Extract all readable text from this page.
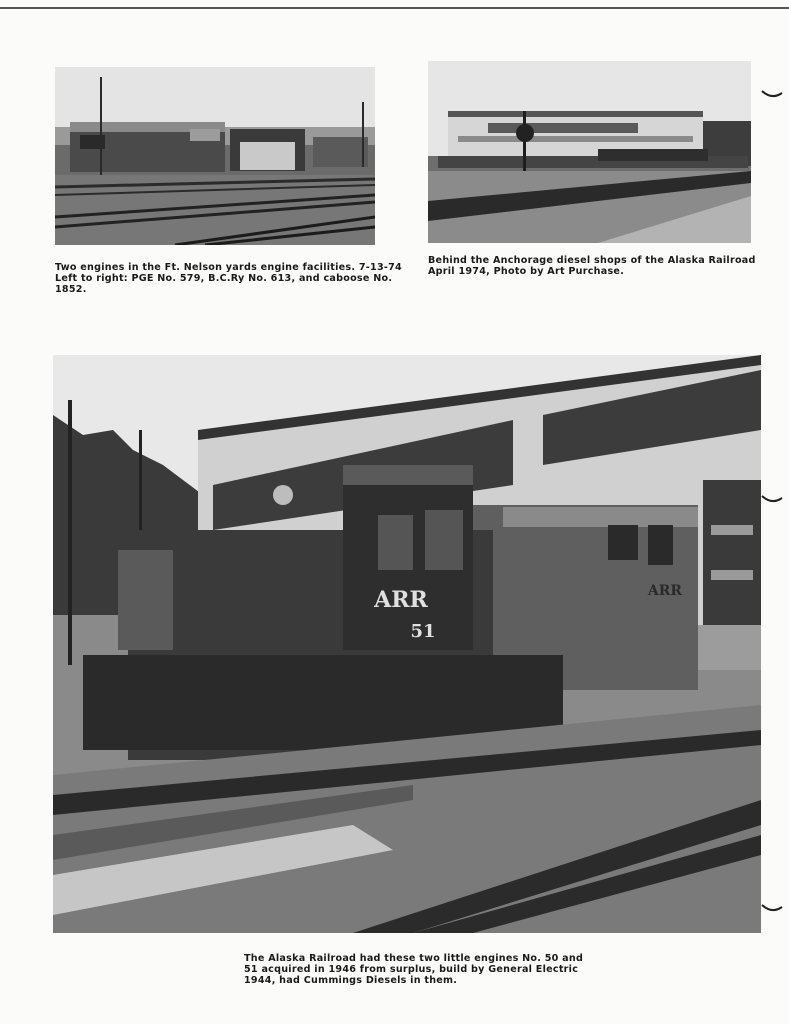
Two engines in the Ft. Nelson yards engine facilities. 7-13-74
Left to right: PGE No. 579, B.C.Ry No. 613, and caboose No.
1852.

Behind the Anchorage diesel shops of the Alaska Railroad
April 1974, Photo by Art Purchase.

ARR
51
ARR

The Alaska Railroad had these two little engines No. 50 and
51 acquired in 1946 from surplus, build by General Electric
1944, had Cummings Diesels in them.
